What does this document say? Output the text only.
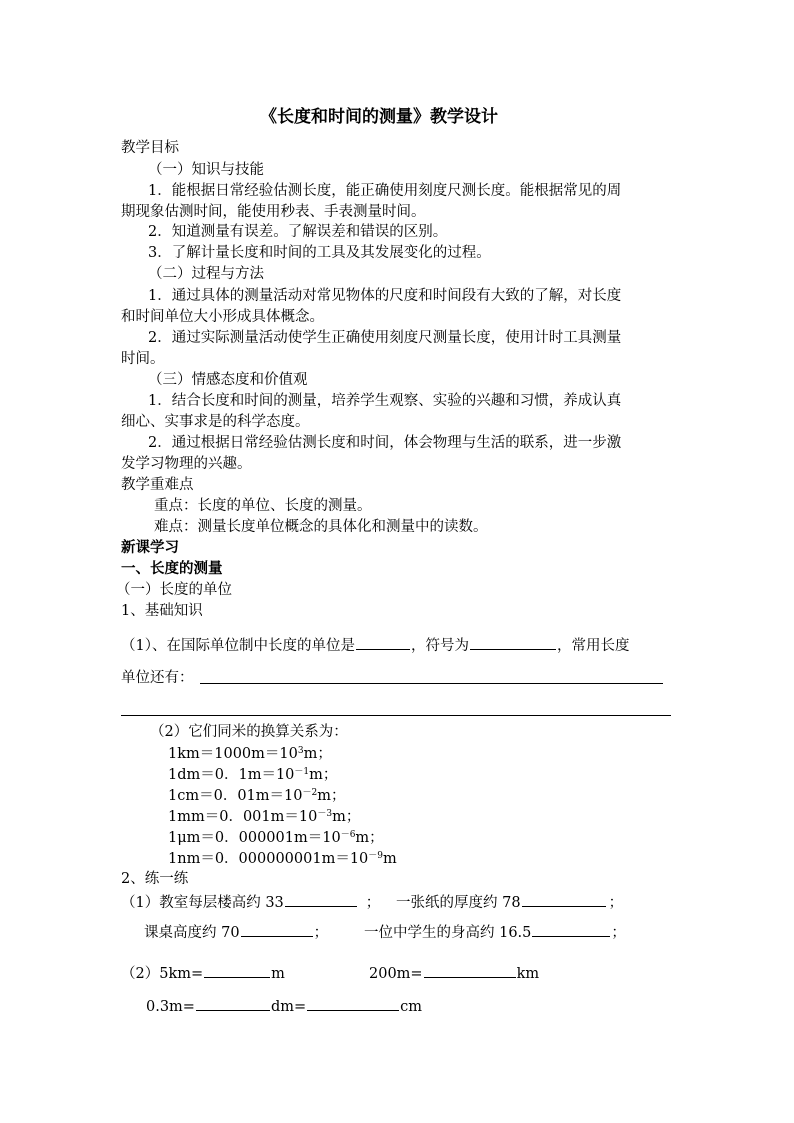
《长度和时间的测量》教学设计
教学目标
（一）知识与技能
1．能根据日常经验估测长度，能正确使用刻度尺测长度。能根据常见的周
期现象估测时间，能使用秒表、手表测量时间。
2．知道测量有误差。了解误差和错误的区别。
3．了解计量长度和时间的工具及其发展变化的过程。
（二）过程与方法
1．通过具体的测量活动对常见物体的尺度和时间段有大致的了解，对长度
和时间单位大小形成具体概念。
2．通过实际测量活动使学生正确使用刻度尺测量长度，使用计时工具测量
时间。
（三）情感态度和价值观
1．结合长度和时间的测量，培养学生观察、实验的兴趣和习惯，养成认真
细心、实事求是的科学态度。
2．通过根据日常经验估测长度和时间，体会物理与生活的联系，进一步激
发学习物理的兴趣。
教学重难点
重点：长度的单位、长度的测量。
难点：测量长度单位概念的具体化和测量中的读数。
新课学习
一、长度的测量
（一）长度的单位
1、基础知识
（1）、在国际单位制中长度的单位是	，符号为	，常用长度
单位还有：
（2）它们同米的换算关系为：
$1km=1000m=10^3m$；
1dm＝0．$1m=10^{-1}m$；
1cm＝0．$01m=10^{-2}m$；
1mm＝0．$001m=10^{-3}m$；
1μm＝0．$000001m=10^{-6}m$；
1nm＝0．$000000001m=10^{-9}m$
2、练一练
（1）教室每层楼高约 33	； 一张纸的厚度约 78	；
课桌高度约 70	； 一位中学生的身高约 16.5	；
（2）5km=	m	200m=	km
0.3m=	dm=	cm
